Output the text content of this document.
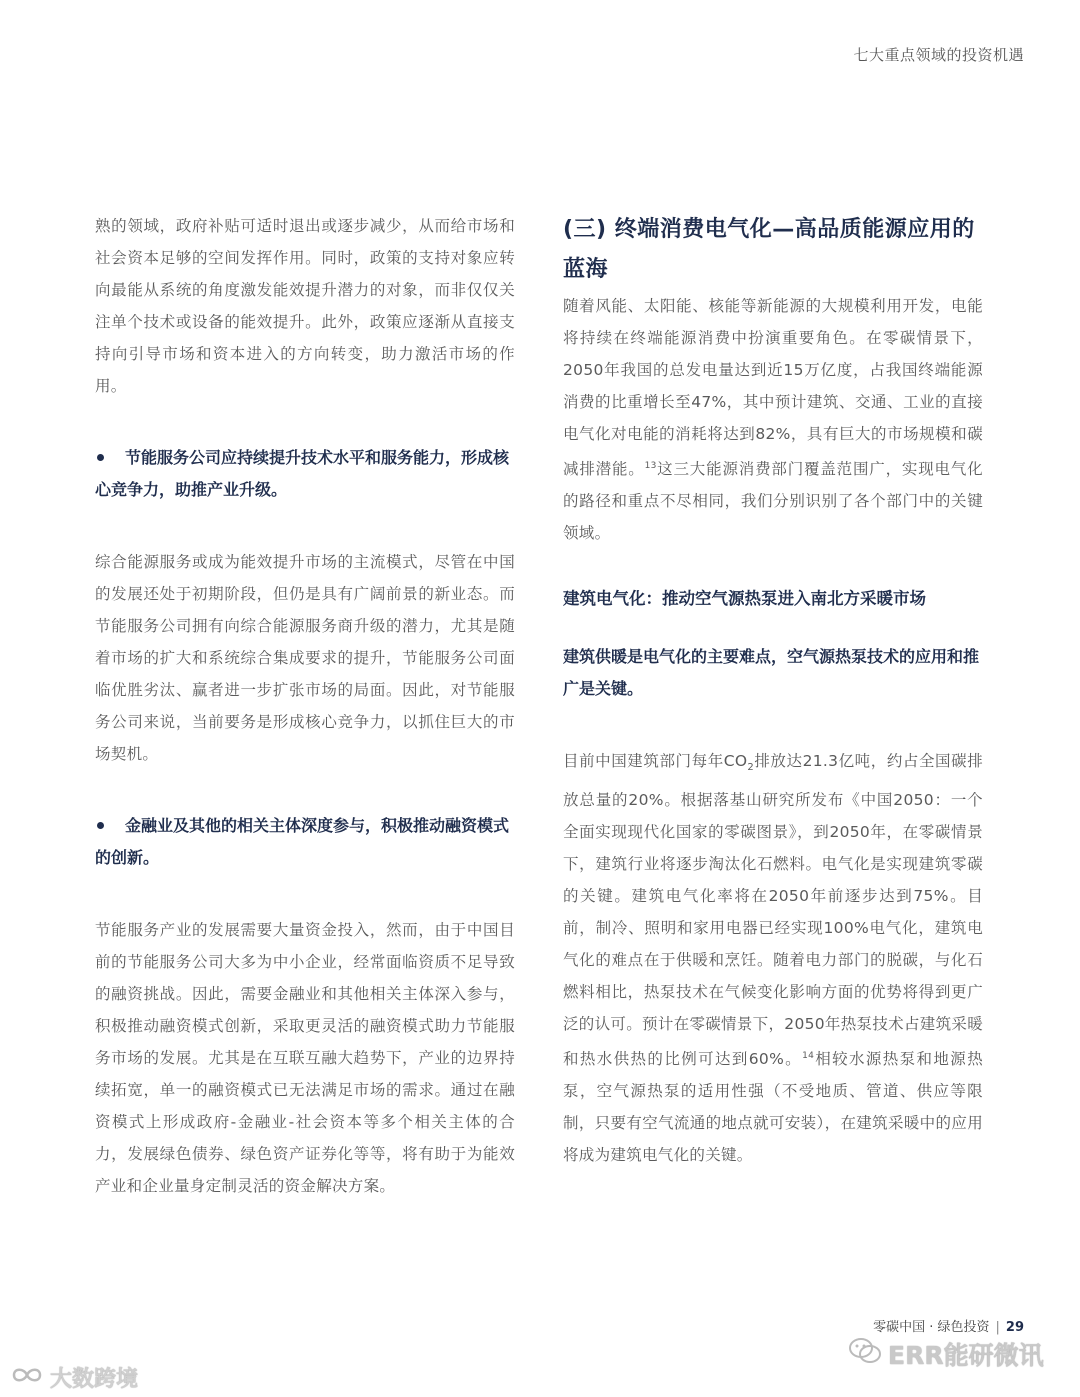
七大重点领域的投资机遇

熟的领域，政府补贴可适时退出或逐步减少，从而给市场和社会资本足够的空间发挥作用。同时，政策的支持对象应转向最能从系统的角度激发能效提升潜力的对象，而非仅仅关注单个技术或设备的能效提升。此外，政策应逐渐从直接支持向引导市场和资本进入的方向转变，助力激活市场的作用。

节能服务公司应持续提升技术水平和服务能力，形成核心竞争力，助推产业升级。

综合能源服务或成为能效提升市场的主流模式，尽管在中国的发展还处于初期阶段，但仍是具有广阔前景的新业态。而节能服务公司拥有向综合能源服务商升级的潜力，尤其是随着市场的扩大和系统综合集成要求的提升，节能服务公司面临优胜劣汰、赢者进一步扩张市场的局面。因此，对节能服务公司来说，当前要务是形成核心竞争力，以抓住巨大的市场契机。

金融业及其他的相关主体深度参与，积极推动融资模式的创新。

节能服务产业的发展需要大量资金投入，然而，由于中国目前的节能服务公司大多为中小企业，经常面临资质不足导致的融资挑战。因此，需要金融业和其他相关主体深入参与，积极推动融资模式创新，采取更灵活的融资模式助力节能服务市场的发展。尤其是在互联互融大趋势下，产业的边界持续拓宽，单一的融资模式已无法满足市场的需求。通过在融资模式上形成政府-金融业-社会资本等多个相关主体的合力，发展绿色债券、绿色资产证券化等等，将有助于为能效产业和企业量身定制灵活的资金解决方案。

(三) 终端消费电气化—高品质能源应用的蓝海

随着风能、太阳能、核能等新能源的大规模利用开发，电能将持续在终端能源消费中扮演重要角色。在零碳情景下，2050年我国的总发电量达到近15万亿度，占我国终端能源消费的比重增长至47%，其中预计建筑、交通、工业的直接电气化对电能的消耗将达到82%，具有巨大的市场规模和碳减排潜能。$^{13}$这三大能源消费部门覆盖范围广，实现电气化的路径和重点不尽相同，我们分别识别了各个部门中的关键领域。

建筑电气化：推动空气源热泵进入南北方采暖市场

建筑供暖是电气化的主要难点，空气源热泵技术的应用和推广是关键。

目前中国建筑部门每年$CO_2$排放达21.3亿吨，约占全国碳排放总量的20%。根据落基山研究所发布《中国2050：一个全面实现现代化国家的零碳图景》，到2050年，在零碳情景下，建筑行业将逐步淘汰化石燃料。电气化是实现建筑零碳的关键。建筑电气化率将在2050年前逐步达到75%。目前，制冷、照明和家用电器已经实现100%电气化，建筑电气化的难点在于供暖和烹饪。随着电力部门的脱碳，与化石燃料相比，热泵技术在气候变化影响方面的优势将得到更广泛的认可。预计在零碳情景下，2050年热泵技术占建筑采暖和热水供热的比例可达到60%。$^{14}$相较水源热泵和地源热泵，空气源热泵的适用性强（不受地质、管道、供应等限制，只要有空气流通的地点就可安装），在建筑采暖中的应用将成为建筑电气化的关键。

零碳中国 · 绿色投资 | 29
ERR能研微讯
大数跨境
